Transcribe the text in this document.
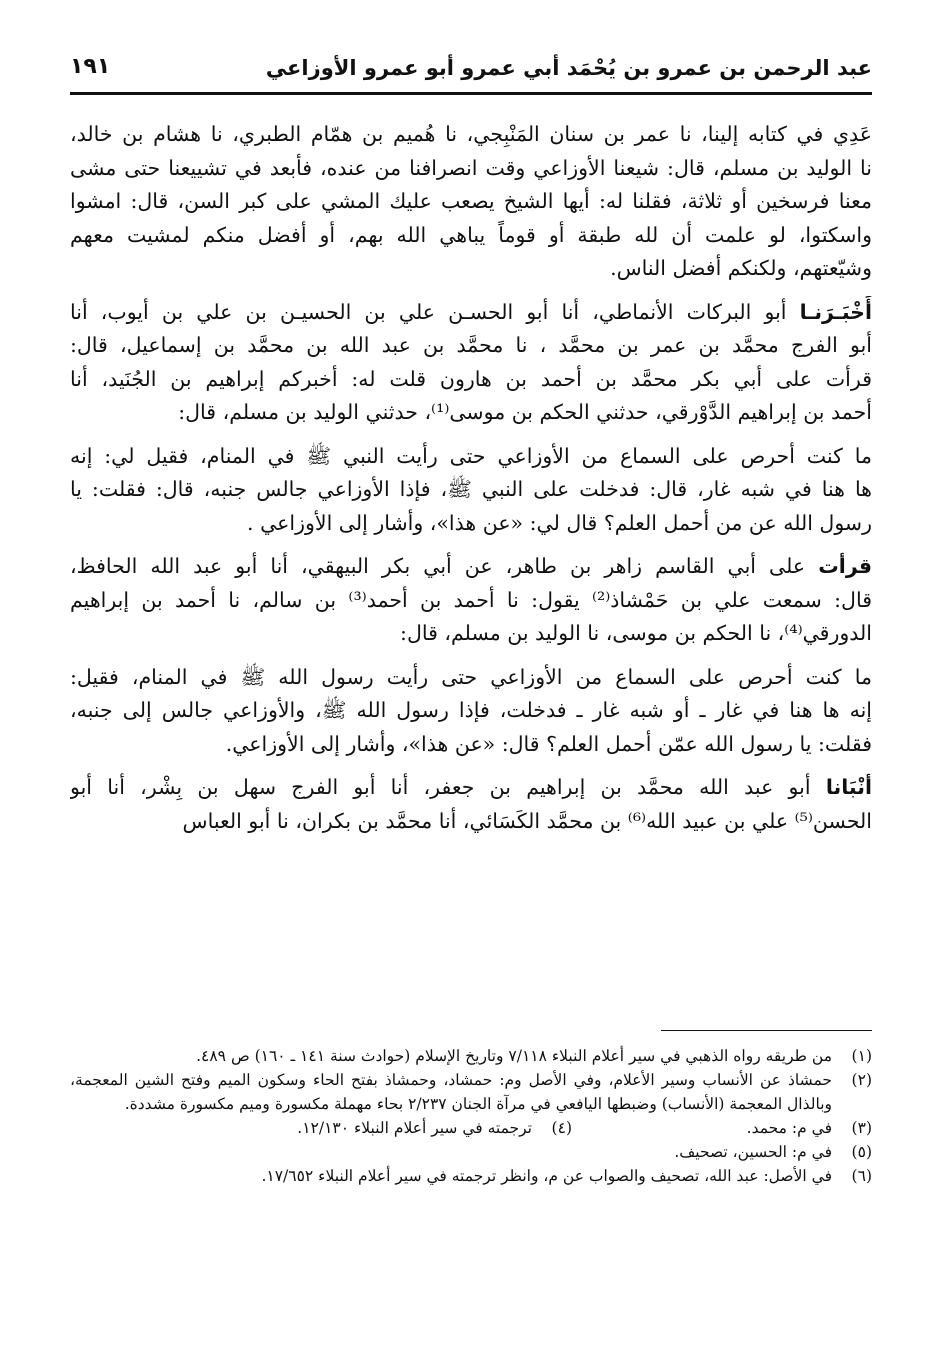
عبد الرحمن بن عمرو بن يُحْمَد أبي عمرو أبو عمرو الأوزاعي
١٩١
عَدِي في كتابه إلينا، نا عمر بن سنان المَنْبِجي، نا هُميم بن همّام الطبري، نا هشام بن خالد،
نا الوليد بن مسلم، قال: شيعنا الأوزاعي وقت انصرافنا من عنده، فأبعد في تشييعنا حتى مشى
معنا فرسخين أو ثلاثة، فقلنا له: أيها الشيخ يصعب عليك المشي على كبر السن، قال: امشوا
واسكتوا، لو علمت أن لله طبقة أو قوماً يباهي الله بهم، أو أفضل منكم لمشيت معهم
وشيّعتهم، ولكنكم أفضل الناس.
أَخْبَـرَنـا أبو البركات الأنماطي، أنا أبو الحسـن علي بن الحسيـن بن علي بن أيوب، أنا
أبو الفرج محمَّد بن عمر بن محمَّد ، نا محمَّد بن عبد الله بن محمَّد بن إسماعيل، قال:
قرأت على أبي بكر محمَّد بن أحمد بن هارون قلت له: أخبركم إبراهيم بن الجُنَيد، أنا
أحمد بن إبراهيم الدَّوْرقي، حدثني الحكم بن موسى⁽¹⁾، حدثني الوليد بن مسلم، قال:
ما كنت أحرص على السماع من الأوزاعي حتى رأيت النبي ﷺ في المنام، فقيل لي: إنه
ها هنا في شبه غار، قال: فدخلت على النبي ﷺ، فإذا الأوزاعي جالس جنبه، قال: فقلت: يا
رسول الله عن من أحمل العلم؟ قال لي: «عن هذا»، وأشار إلى الأوزاعي .
قرأت على أبي القاسم زاهر بن طاهر، عن أبي بكر البيهقي، أنا أبو عبد الله الحافظ،
قال: سمعت علي بن حَمْشاذ⁽²⁾ يقول: نا أحمد بن أحمد⁽³⁾ بن سالم، نا أحمد بن إبراهيم
الدورقي⁽⁴⁾، نا الحكم بن موسى، نا الوليد بن مسلم، قال:
ما كنت أحرص على السماع من الأوزاعي حتى رأيت رسول الله ﷺ في المنام، فقيل:
إنه ها هنا في غار ـ أو شبه غار ـ فدخلت، فإذا رسول الله ﷺ، والأوزاعي جالس إلى جنبه،
فقلت: يا رسول الله عمّن أحمل العلم؟ قال: «عن هذا»، وأشار إلى الأوزاعي.
أنْبَانا أبو عبد الله محمَّد بن إبراهيم بن جعفر، أنا أبو الفرج سهل بن بِشْر، أنا أبو
الحسن⁽⁵⁾ علي بن عبيد الله⁽⁶⁾ بن محمَّد الكَسَائي، أنا محمَّد بن بكران، نا أبو العباس
(١)
من طريقه رواه الذهبي في سير أعلام النبلاء ٧/١١٨ وتاريخ الإسلام (حوادث سنة ١٤١ ـ ١٦٠) ص ٤٨٩.
(٢)
حمشاذ عن الأنساب وسير الأعلام، وفي الأصل وم: حمشاد، وحمشاذ بفتح الحاء وسكون الميم وفتح الشين المعجمة، وبالذال المعجمة (الأنساب) وضبطها اليافعي في مرآة الجنان ٢/٢٣٧ بحاء مهملة مكسورة وميم مكسورة مشددة.
(٣)
في م: محمد.
(٤)
ترجمته في سير أعلام النبلاء ١٢/١٣٠.
(٥)
في م: الحسين، تصحيف.
(٦)
في الأصل: عبد الله، تصحيف والصواب عن م، وانظر ترجمته في سير أعلام النبلاء ١٧/٦٥٢.
